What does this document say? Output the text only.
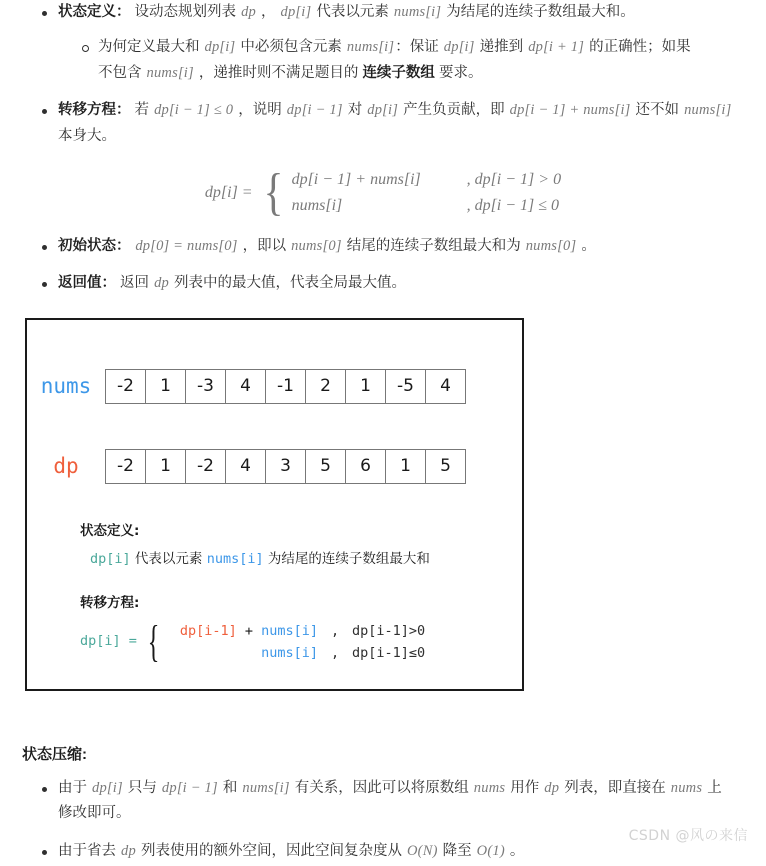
状态定义： 设动态规划列表 dp ， dp[i] 代表以元素 nums[i] 为结尾的连续子数组最大和。
为何定义最大和 dp[i] 中必须包含元素 nums[i]：保证 dp[i] 递推到 dp[i + 1] 的正确性；如果不包含 nums[i] ，递推时则不满足题目的 连续子数组 要求。
转移方程： 若 dp[i − 1] ≤ 0 ，说明 dp[i − 1] 对 dp[i] 产生负贡献，即 dp[i − 1] + nums[i] 还不如 nums[i] 本身大。
dp[i] = { dp[i − 1] + nums[i]	, dp[i − 1] > 0
nums[i]	, dp[i − 1] ≤ 0
初始状态： dp[0] = nums[0] ，即以 nums[0] 结尾的连续子数组最大和为 nums[0] 。
返回值： 返回 dp 列表中的最大值，代表全局最大值。
nums	-2	1	-3	4	-1	2	1	-5	4
dp	-2	1	-2	4	3	5	6	1	5
状态定义:
dp[i] 代表以元素 nums[i] 为结尾的连续子数组最大和
转移方程:
dp[i] = {	dp[i-1] + nums[i] , dp[i-1]>0
nums[i] , dp[i-1]≤0
状态压缩:
由于 dp[i] 只与 dp[i − 1] 和 nums[i] 有关系，因此可以将原数组 nums 用作 dp 列表，即直接在 nums 上修改即可。
由于省去 dp 列表使用的额外空间，因此空间复杂度从 O(N) 降至 O(1) 。
CSDN @风の来信
